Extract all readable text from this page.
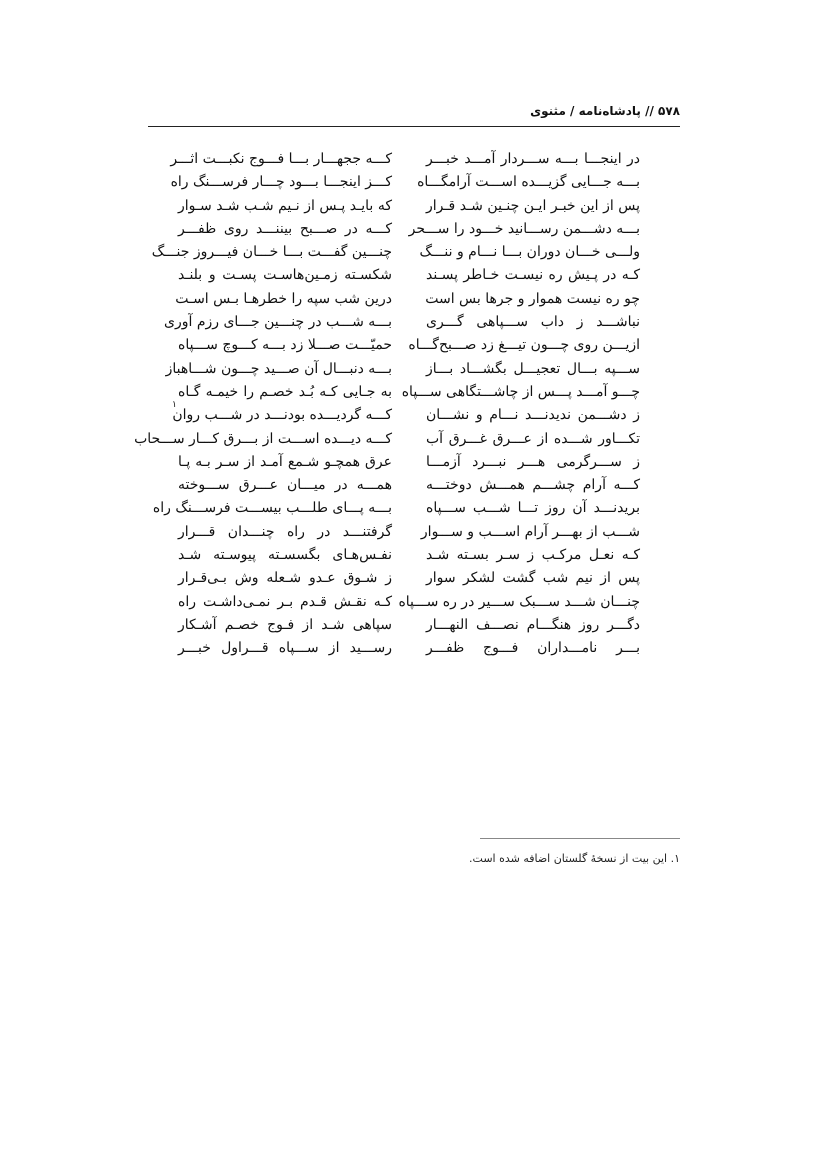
۵۷۸ // پادشاه‌نامه / مثنوی
در اینجـــا بـــه ســـردار آمـــد خبـــر
کـــه ججهـــار بـــا فـــوج نکبـــت اثـــر
بـــه جـــایی گزیـــده اســـت آرامگـــاه
کـــز اینجـــا بـــود چـــار فرســـنگ راه
پس از این خبـر ایـن چنـین شـد قـرار
که بایـد پـس از نـیم شـب شـد سـوار
بـــه دشـــمن رســـانید خـــود را ســـحر
کـــه در صـــبح بیننـــد روی ظفـــر
ولـــی خـــان دوران بـــا نـــام و ننـــگ
چنـــین گفـــت بـــا خـــان فیـــروز جنـــگ
کـه در پـیش ره نیسـت خـاطر پسـند
شکسـته زمـین‌هاسـت پسـت و بلنـد
چو ره نیست هموار و جرها بس است
درین شب سپه را خطرهـا بـس اسـت
نباشـــد ز داب ســـپاهی گـــری
بـــه شـــب در چنـــین جـــای رزم آوری
ازیـــن روی چـــون تیـــغ زد صـــبح‌گـــاه
حمیّـــت صـــلا زد بـــه کـــوچ ســـپاه
ســـپه بـــال تعجیـــل بگشـــاد بـــاز
بـــه دنبـــال آن صـــید چـــون شـــاهباز
چـــو آمـــد پـــس از چاشـــتگاهی ســـپاه
به جـایی کـه بُـد خصـم را خیمـه گـاه
ز دشـــمن ندیدنـــد نـــام و نشـــان
کـــه گردیـــده بودنـــد در شـــب روان
۱
تکـــاور شـــده از عـــرق غـــرق آب
کـــه دیـــده اســـت از بـــرق کـــار ســـحاب
ز ســـرگرمی هـــر نبـــرد آزمـــا
عرق همچـو شـمع آمـد از سـر بـه پـا
کـــه آرام چشـــم همـــش دوختـــه
همـــه در میـــان عـــرق ســـوخته
بریدنـــد آن روز تـــا شـــب ســـپاه
بـــه پـــای طلـــب بیســـت فرســـنگ راه
شـــب از بهـــر آرام اســـب و ســـوار
گرفتنـــد در راه چنـــدان قـــرار
کـه نعـل مرکـب ز سـر بسـته شـد
نفـس‌هـای بگسسـته پیوسـته شـد
پس از نیم شب گشت لشکر سوار
ز شـوق عـدو شـعله وش بـی‌قـرار
چنـــان شـــد ســـبک ســـیر در ره ســـپاه
کـه نقـش قـدم بـر نمـی‌داشـت راه
دگـــر روز هنگـــام نصـــف النهـــار
سپاهی شـد از فـوج خصـم آشـکار
بـــر نامـــداران فـــوج ظفـــر
رســـید از ســـپاه قـــراول خبـــر
۱. این بیت از نسخهٔ گلستان اضافه شده است.
